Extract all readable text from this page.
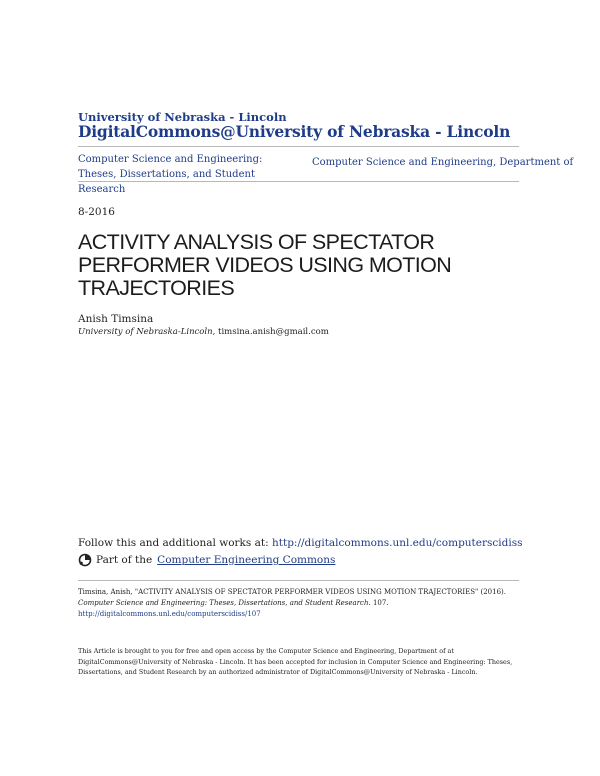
University of Nebraska - Lincoln
DigitalCommons@University of Nebraska - Lincoln
Computer Science and Engineering: Theses, Dissertations, and Student Research
Computer Science and Engineering, Department of
8-2016
ACTIVITY ANALYSIS OF SPECTATOR PERFORMER VIDEOS USING MOTION TRAJECTORIES
Anish Timsina
University of Nebraska-Lincoln, timsina.anish@gmail.com
Follow this and additional works at: http://digitalcommons.unl.edu/computerscidiss
Part of the Computer Engineering Commons
Timsina, Anish, "ACTIVITY ANALYSIS OF SPECTATOR PERFORMER VIDEOS USING MOTION TRAJECTORIES" (2016).
Computer Science and Engineering: Theses, Dissertations, and Student Research. 107.
http://digitalcommons.unl.edu/computerscidiss/107
This Article is brought to you for free and open access by the Computer Science and Engineering, Department of at DigitalCommons@University of Nebraska - Lincoln. It has been accepted for inclusion in Computer Science and Engineering: Theses, Dissertations, and Student Research by an authorized administrator of DigitalCommons@University of Nebraska - Lincoln.
